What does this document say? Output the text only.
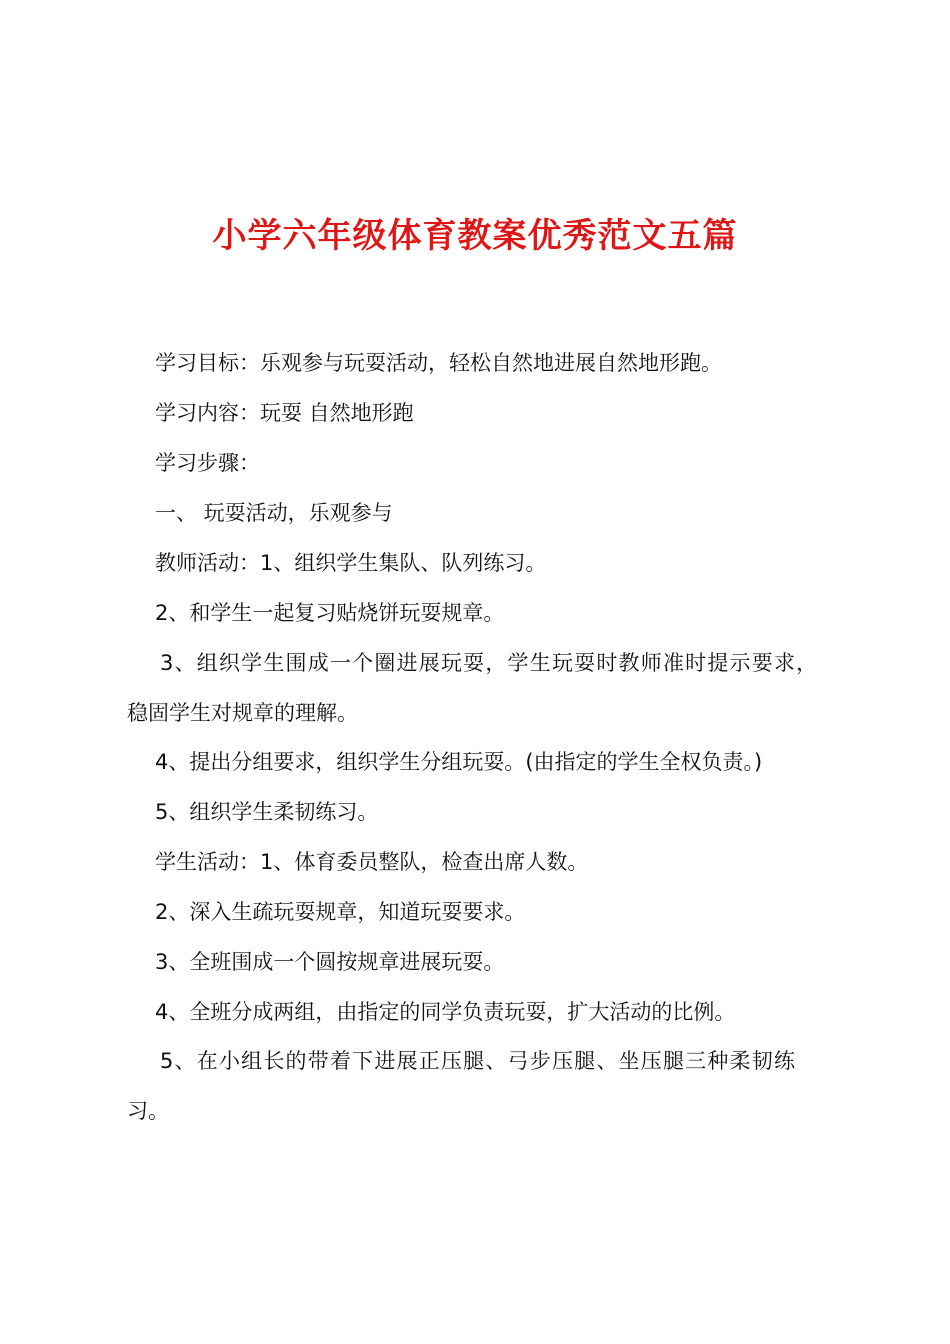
小学六年级体育教案优秀范文五篇

学习目标：乐观参与玩耍活动，轻松自然地进展自然地形跑。

学习内容：玩耍 自然地形跑

学习步骤：

一、 玩耍活动，乐观参与

教师活动：1、组织学生集队、队列练习。

2、和学生一起复习贴烧饼玩耍规章。

3、组织学生围成一个圈进展玩耍，学生玩耍时教师准时提示要求，

稳固学生对规章的理解。

4、提出分组要求，组织学生分组玩耍。(由指定的学生全权负责。)

5、组织学生柔韧练习。

学生活动：1、体育委员整队，检查出席人数。

2、深入生疏玩耍规章，知道玩耍要求。

3、全班围成一个圆按规章进展玩耍。

4、全班分成两组，由指定的同学负责玩耍，扩大活动的比例。

5、在小组长的带着下进展正压腿、弓步压腿、坐压腿三种柔韧练

习。
